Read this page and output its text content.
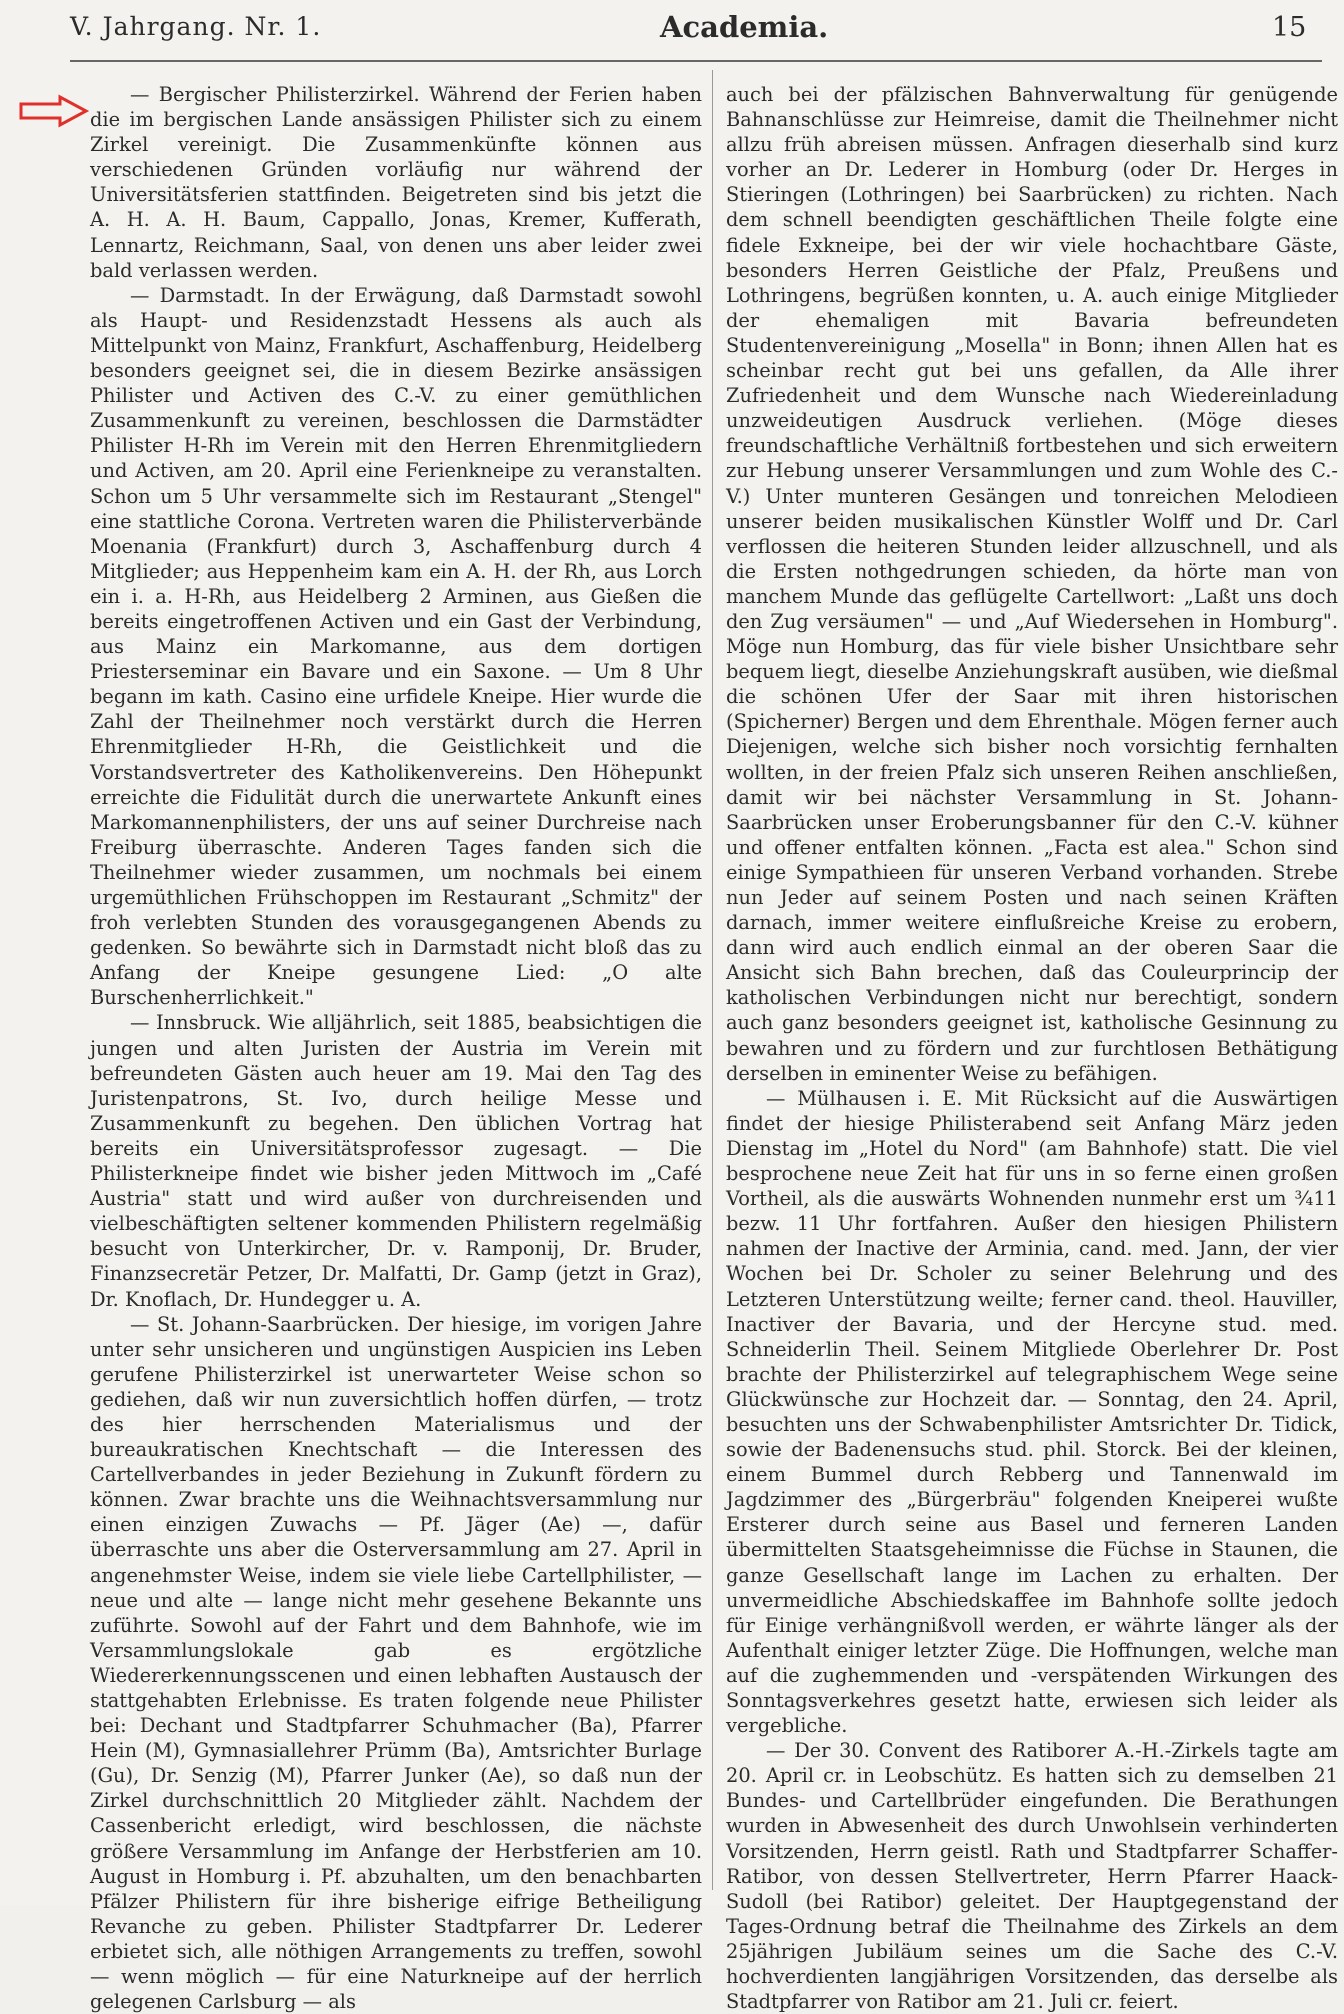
V. Jahrgang. Nr. 1.	Academia.	15

— Bergischer Philisterzirkel. Während der Ferien haben die im bergischen Lande ansässigen Philister sich zu einem Zirkel vereinigt. Die Zusammenkünfte können aus verschiedenen Gründen vorläufig nur während der Universitätsferien stattfinden. Beigetreten sind bis jetzt die A. H. A. H. Baum, Cappallo, Jonas, Kremer, Kufferath, Lennartz, Reichmann, Saal, von denen uns aber leider zwei bald verlassen werden.

— Darmstadt. In der Erwägung, daß Darmstadt sowohl als Haupt- und Residenzstadt Hessens als auch als Mittelpunkt von Mainz, Frankfurt, Aschaffenburg, Heidelberg besonders geeignet sei, die in diesem Bezirke ansässigen Philister und Activen des C.-V. zu einer gemüthlichen Zusammenkunft zu vereinen, beschlossen die Darmstädter Philister H-Rh im Verein mit den Herren Ehrenmitgliedern und Activen, am 20. April eine Ferienkneipe zu veranstalten. Schon um 5 Uhr versammelte sich im Restaurant „Stengel" eine stattliche Corona. Vertreten waren die Philisterverbände Moenania (Frankfurt) durch 3, Aschaffenburg durch 4 Mitglieder; aus Heppenheim kam ein A. H. der Rh, aus Lorch ein i. a. H-Rh, aus Heidelberg 2 Arminen, aus Gießen die bereits eingetroffenen Activen und ein Gast der Verbindung, aus Mainz ein Markomanne, aus dem dortigen Priesterseminar ein Bavare und ein Saxone. — Um 8 Uhr begann im kath. Casino eine urfidele Kneipe. Hier wurde die Zahl der Theilnehmer noch verstärkt durch die Herren Ehrenmitglieder H-Rh, die Geistlichkeit und die Vorstandsvertreter des Katholikenvereins. Den Höhepunkt erreichte die Fidulität durch die unerwartete Ankunft eines Markomannenphilisters, der uns auf seiner Durchreise nach Freiburg überraschte. Anderen Tages fanden sich die Theilnehmer wieder zusammen, um nochmals bei einem urgemüthlichen Frühschoppen im Restaurant „Schmitz" der froh verlebten Stunden des vorausgegangenen Abends zu gedenken. So bewährte sich in Darmstadt nicht bloß das zu Anfang der Kneipe gesungene Lied: „O alte Burschenherrlichkeit."

— Innsbruck. Wie alljährlich, seit 1885, beabsichtigen die jungen und alten Juristen der Austria im Verein mit befreundeten Gästen auch heuer am 19. Mai den Tag des Juristenpatrons, St. Ivo, durch heilige Messe und Zusammenkunft zu begehen. Den üblichen Vortrag hat bereits ein Universitätsprofessor zugesagt. — Die Philisterkneipe findet wie bisher jeden Mittwoch im „Café Austria" statt und wird außer von durchreisenden und vielbeschäftigten seltener kommenden Philistern regelmäßig besucht von Unterkircher, Dr. v. Ramponij, Dr. Bruder, Finanzsecretär Petzer, Dr. Malfatti, Dr. Gamp (jetzt in Graz), Dr. Knoflach, Dr. Hundegger u. A.

— St. Johann-Saarbrücken. Der hiesige, im vorigen Jahre unter sehr unsicheren und ungünstigen Auspicien ins Leben gerufene Philisterzirkel ist unerwarteter Weise schon so gediehen, daß wir nun zuversichtlich hoffen dürfen, — trotz des hier herrschenden Materialismus und der bureaukratischen Knechtschaft — die Interessen des Cartellverbandes in jeder Beziehung in Zukunft fördern zu können. Zwar brachte uns die Weihnachtsversammlung nur einen einzigen Zuwachs — Pf. Jäger (Ae) —, dafür überraschte uns aber die Osterversammlung am 27. April in angenehmster Weise, indem sie viele liebe Cartellphilister, — neue und alte — lange nicht mehr gesehene Bekannte uns zuführte. Sowohl auf der Fahrt und dem Bahnhofe, wie im Versammlungslokale gab es ergötzliche Wiedererkennungsscenen und einen lebhaften Austausch der stattgehabten Erlebnisse. Es traten folgende neue Philister bei: Dechant und Stadtpfarrer Schuhmacher (Ba), Pfarrer Hein (M), Gymnasiallehrer Prümm (Ba), Amtsrichter Burlage (Gu), Dr. Senzig (M), Pfarrer Junker (Ae), so daß nun der Zirkel durchschnittlich 20 Mitglieder zählt. Nachdem der Cassenbericht erledigt, wird beschlossen, die nächste größere Versammlung im Anfange der Herbstferien am 10. August in Homburg i. Pf. abzuhalten, um den benachbarten Pfälzer Philistern für ihre bisherige eifrige Betheiligung Revanche zu geben. Philister Stadtpfarrer Dr. Lederer erbietet sich, alle nöthigen Arrangements zu treffen, sowohl — wenn möglich — für eine Naturkneipe auf der herrlich gelegenen Carlsburg — als

auch bei der pfälzischen Bahnverwaltung für genügende Bahnanschlüsse zur Heimreise, damit die Theilnehmer nicht allzu früh abreisen müssen. Anfragen dieserhalb sind kurz vorher an Dr. Lederer in Homburg (oder Dr. Herges in Stieringen (Lothringen) bei Saarbrücken) zu richten. Nach dem schnell beendigten geschäftlichen Theile folgte eine fidele Exkneipe, bei der wir viele hochachtbare Gäste, besonders Herren Geistliche der Pfalz, Preußens und Lothringens, begrüßen konnten, u. A. auch einige Mitglieder der ehemaligen mit Bavaria befreundeten Studentenvereinigung „Mosella" in Bonn; ihnen Allen hat es scheinbar recht gut bei uns gefallen, da Alle ihrer Zufriedenheit und dem Wunsche nach Wiedereinladung unzweideutigen Ausdruck verliehen. (Möge dieses freundschaftliche Verhältniß fortbestehen und sich erweitern zur Hebung unserer Versammlungen und zum Wohle des C.-V.) Unter munteren Gesängen und tonreichen Melodieen unserer beiden musikalischen Künstler Wolff und Dr. Carl verflossen die heiteren Stunden leider allzuschnell, und als die Ersten nothgedrungen schieden, da hörte man von manchem Munde das geflügelte Cartellwort: „Laßt uns doch den Zug versäumen" — und „Auf Wiedersehen in Homburg". Möge nun Homburg, das für viele bisher Unsichtbare sehr bequem liegt, dieselbe Anziehungskraft ausüben, wie dießmal die schönen Ufer der Saar mit ihren historischen (Spicherner) Bergen und dem Ehrenthale. Mögen ferner auch Diejenigen, welche sich bisher noch vorsichtig fernhalten wollten, in der freien Pfalz sich unseren Reihen anschließen, damit wir bei nächster Versammlung in St. Johann-Saarbrücken unser Eroberungsbanner für den C.-V. kühner und offener entfalten können. „Facta est alea." Schon sind einige Sympathieen für unseren Verband vorhanden. Strebe nun Jeder auf seinem Posten und nach seinen Kräften darnach, immer weitere einflußreiche Kreise zu erobern, dann wird auch endlich einmal an der oberen Saar die Ansicht sich Bahn brechen, daß das Couleurprincip der katholischen Verbindungen nicht nur berechtigt, sondern auch ganz besonders geeignet ist, katholische Gesinnung zu bewahren und zu fördern und zur furchtlosen Bethätigung derselben in eminenter Weise zu befähigen.

— Mülhausen i. E. Mit Rücksicht auf die Auswärtigen findet der hiesige Philisterabend seit Anfang März jeden Dienstag im „Hotel du Nord" (am Bahnhofe) statt. Die viel besprochene neue Zeit hat für uns in so ferne einen großen Vortheil, als die auswärts Wohnenden nunmehr erst um ¾11 bezw. 11 Uhr fortfahren. Außer den hiesigen Philistern nahmen der Inactive der Arminia, cand. med. Jann, der vier Wochen bei Dr. Scholer zu seiner Belehrung und des Letzteren Unterstützung weilte; ferner cand. theol. Hauviller, Inactiver der Bavaria, und der Hercyne stud. med. Schneiderlin Theil. Seinem Mitgliede Oberlehrer Dr. Post brachte der Philisterzirkel auf telegraphischem Wege seine Glückwünsche zur Hochzeit dar. — Sonntag, den 24. April, besuchten uns der Schwabenphilister Amtsrichter Dr. Tidick, sowie der Badenensuchs stud. phil. Storck. Bei der kleinen, einem Bummel durch Rebberg und Tannenwald im Jagdzimmer des „Bürgerbräu" folgenden Kneiperei wußte Ersterer durch seine aus Basel und ferneren Landen übermittelten Staatsgeheimnisse die Füchse in Staunen, die ganze Gesellschaft lange im Lachen zu erhalten. Der unvermeidliche Abschiedskaffee im Bahnhofe sollte jedoch für Einige verhängnißvoll werden, er währte länger als der Aufenthalt einiger letzter Züge. Die Hoffnungen, welche man auf die zughemmenden und -verspätenden Wirkungen des Sonntagsverkehres gesetzt hatte, erwiesen sich leider als vergebliche.

— Der 30. Convent des Ratiborer A.-H.-Zirkels tagte am 20. April cr. in Leobschütz. Es hatten sich zu demselben 21 Bundes- und Cartellbrüder eingefunden. Die Berathungen wurden in Abwesenheit des durch Unwohlsein verhinderten Vorsitzenden, Herrn geistl. Rath und Stadtpfarrer Schaffer-Ratibor, von dessen Stellvertreter, Herrn Pfarrer Haack-Sudoll (bei Ratibor) geleitet. Der Hauptgegenstand der Tages-Ordnung betraf die Theilnahme des Zirkels an dem 25jährigen Jubiläum seines um die Sache des C.-V. hochverdienten langjährigen Vorsitzenden, das derselbe als Stadtpfarrer von Ratibor am 21. Juli cr. feiert.
